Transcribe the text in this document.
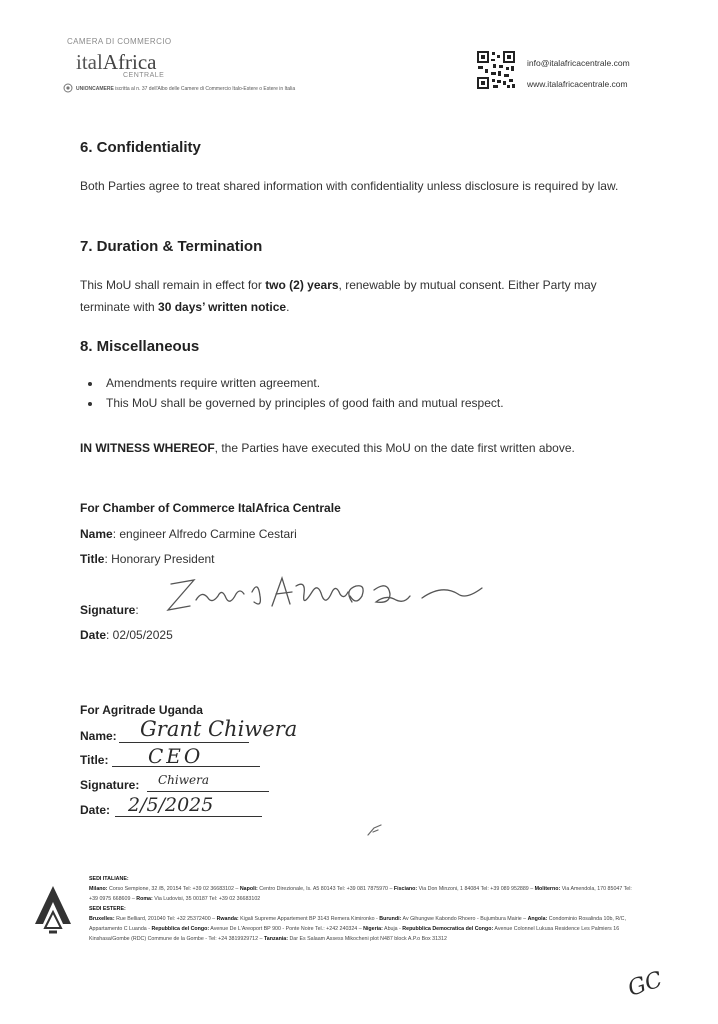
CAMERA DI COMMERCIO
italAfrica
CENTRALE
UNIONCAMERE iscritta al n. 37 dell'Albo delle Camere di Commercio Italo-Estere o Estere in Italia
info@italafricacentrale.com
www.italafricacentrale.com
6. Confidentiality
Both Parties agree to treat shared information with confidentiality unless disclosure is required by law.
7. Duration & Termination
This MoU shall remain in effect for two (2) years, renewable by mutual consent. Either Party may terminate with 30 days’ written notice.
8. Miscellaneous
• Amendments require written agreement.
• This MoU shall be governed by principles of good faith and mutual respect.
IN WITNESS WHEREOF, the Parties have executed this MoU on the date first written above.
For Chamber of Commerce ItalAfrica Centrale
Name: engineer Alfredo Carmine Cestari
Title: Honorary President
Signature:
Date: 02/05/2025
For Agritrade Uganda
Name: Grant Chiwera
Title: CEO
Signature: Chiwera
Date: 2/5/2025
SEDI ITALIANE:
Milano: Corso Sempione, 32 /B, 20154 Tel: +39 02 36683102 – Napoli: Centro Direzionale, Is. A5 80143 Tel: +39 081 7875970 – Fisciano: Via Don Minzoni, 1 84084 Tel: +39 089 952889 – Moliterno: Via Amendola, 170 85047 Tel: +39 0975 668609 – Roma: Via Ludovisi, 35 00187 Tel: +39 02 36683102
SEDI ESTERE:
Bruxelles: Rue Belliard, 201040 Tel: +32 25372400 – Rwanda: Kigali Supreme Appartement BP 3143 Remera Kimironko - Burundi: Av Gihungwe Kabondo Rhoero - Bujumbura Mairie – Angola: Condominio Rosalinda 10b, R/C, Appartamento C Luanda - Repubblica del Congo: Avenue De L'Areoport BP 900 - Ponte Noire Tel.: +242 240324 – Nigeria: Abuja - Repubblica Democratica del Congo: Avenue Colonnel Lukusa Residence Les Palmiers 16 Kinshasa/Gombe (RDC) Commune de la Gombe - Tel: +24 3819929712 – Tanzania: Dar Es Salaam Assess Mikocheni plot N487 block A.P.o Box 31312
GC
